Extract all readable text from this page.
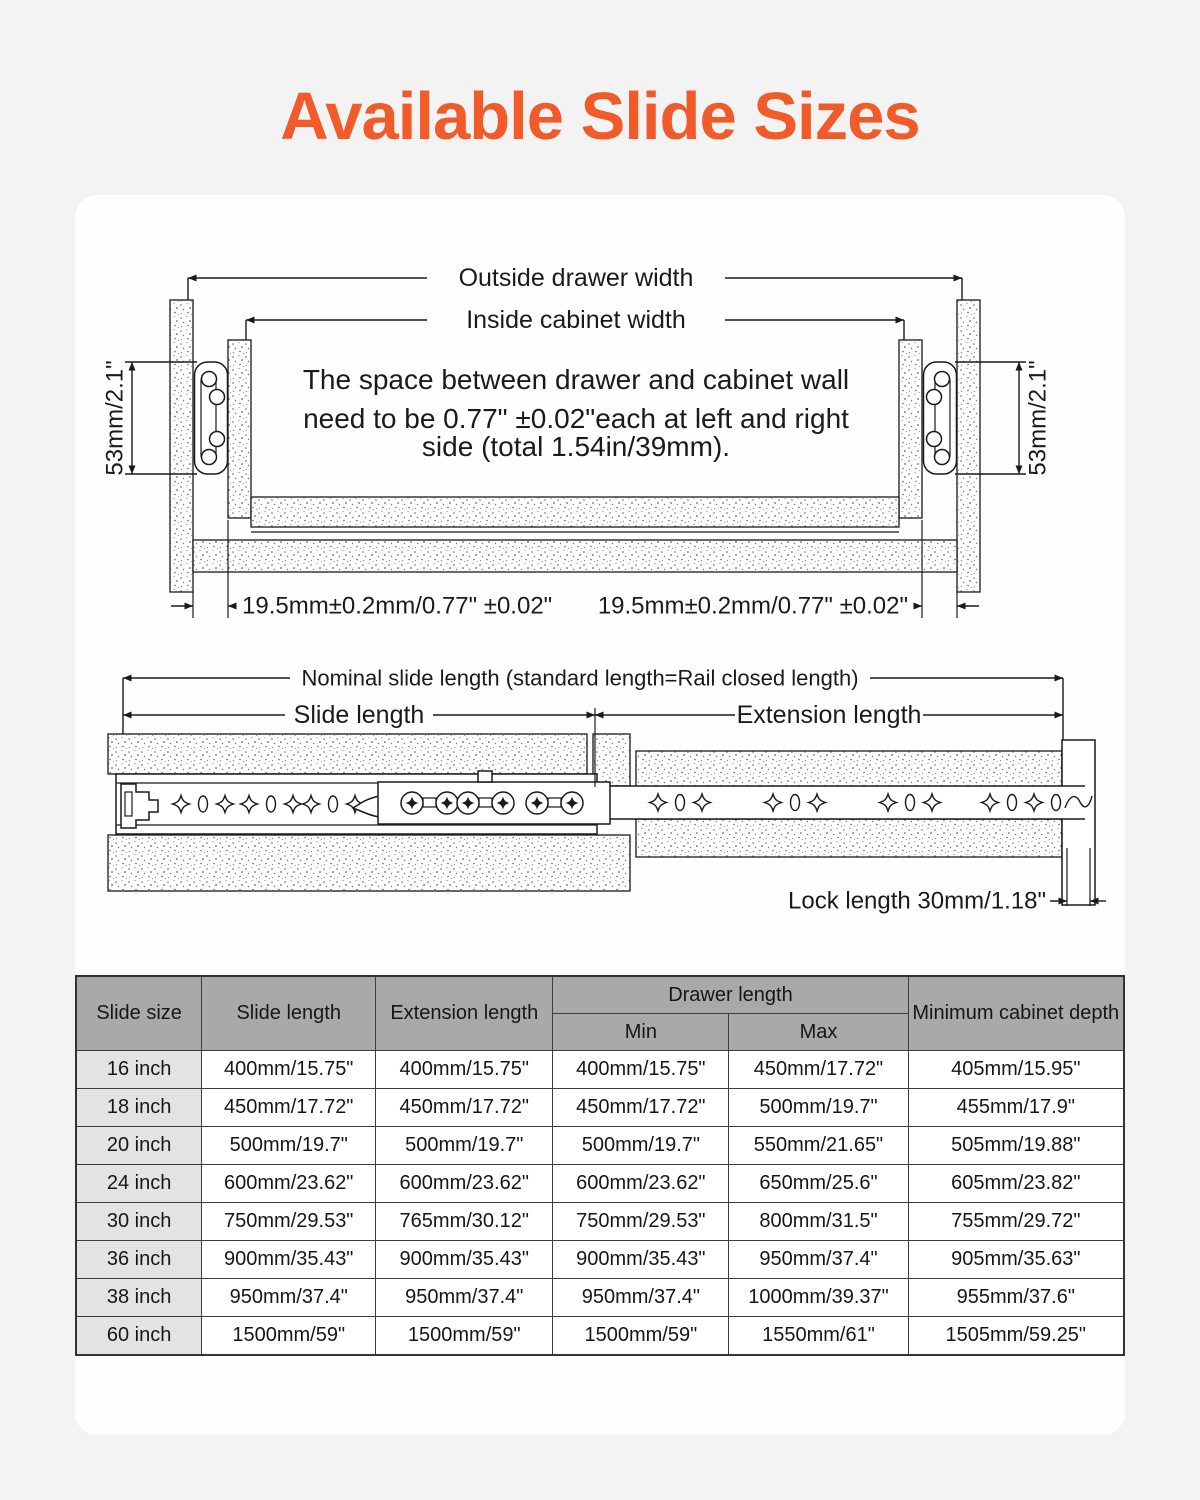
Available Slide Sizes
Outside drawer width
Inside cabinet width
53mm/2.1"	53mm/2.1"
The space between drawer and cabinet wall
need to be 0.77" ±0.02"each at left and right
side (total 1.54in/39mm).
19.5mm±0.2mm/0.77" ±0.02" 19.5mm±0.2mm/0.77" ±0.02"
Nominal slide length (standard length=Rail closed length)
Slide length	Extension length
Lock length 30mm/1.18"
Slide size	Slide length	Extension length	Drawer length		Minimum cabinet depth
			Min	Max	
16 inch	400mm/15.75"	400mm/15.75"	400mm/15.75"	450mm/17.72"	405mm/15.95"
18 inch	450mm/17.72"	450mm/17.72"	450mm/17.72"	500mm/19.7"	455mm/17.9"
20 inch	500mm/19.7"	500mm/19.7"	500mm/19.7"	550mm/21.65"	505mm/19.88"
24 inch	600mm/23.62"	600mm/23.62"	600mm/23.62"	650mm/25.6"	605mm/23.82"
30 inch	750mm/29.53"	765mm/30.12"	750mm/29.53"	800mm/31.5"	755mm/29.72"
36 inch	900mm/35.43"	900mm/35.43"	900mm/35.43"	950mm/37.4"	905mm/35.63"
38 inch	950mm/37.4"	950mm/37.4"	950mm/37.4"	1000mm/39.37"	955mm/37.6"
60 inch	1500mm/59"	1500mm/59"	1500mm/59"	1550mm/61"	1505mm/59.25"
